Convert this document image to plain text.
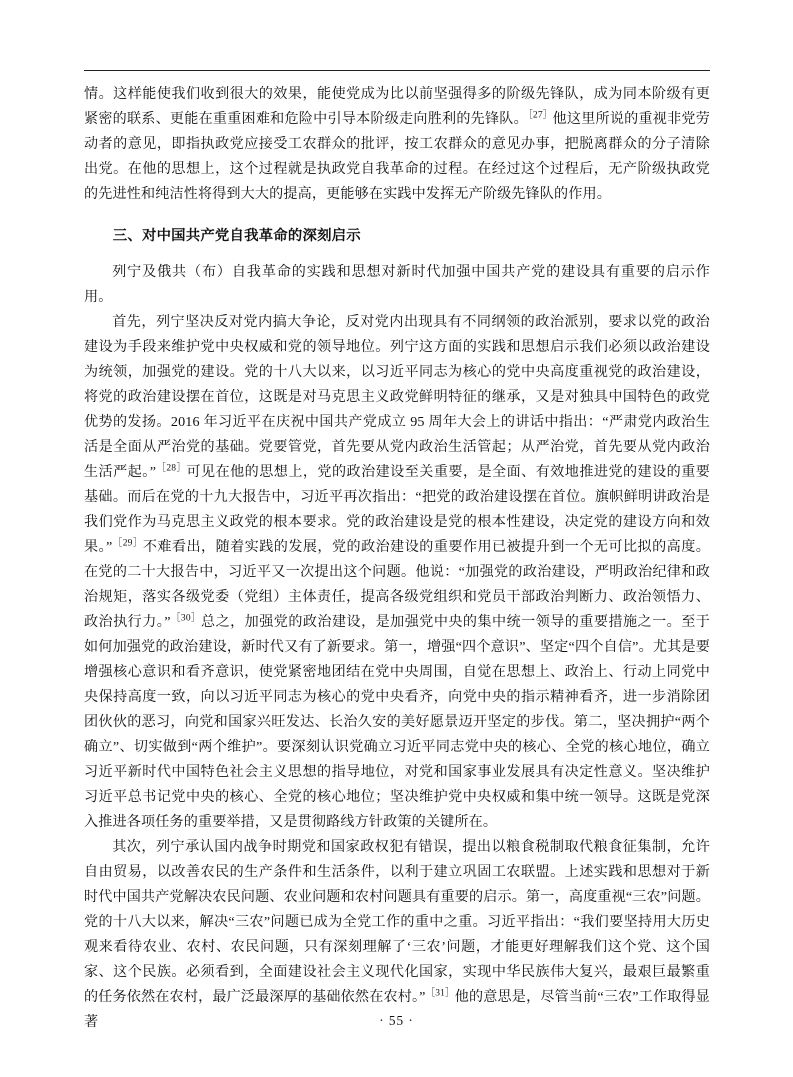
情。这样能使我们收到很大的效果，能使党成为比以前坚强得多的阶级先锋队，成为同本阶级有更紧密的联系、更能在重重困难和危险中引导本阶级走向胜利的先锋队。$^{[27]}$他这里所说的重视非党劳动者的意见，即指执政党应接受工农群众的批评，按工农群众的意见办事，把脱离群众的分子清除出党。在他的思想上，这个过程就是执政党自我革命的过程。在经过这个过程后，无产阶级执政党的先进性和纯洁性将得到大大的提高，更能够在实践中发挥无产阶级先锋队的作用。

三、对中国共产党自我革命的深刻启示

列宁及俄共（布）自我革命的实践和思想对新时代加强中国共产党的建设具有重要的启示作用。

首先，列宁坚决反对党内搞大争论，反对党内出现具有不同纲领的政治派别，要求以党的政治建设为手段来维护党中央权威和党的领导地位。列宁这方面的实践和思想启示我们必须以政治建设为统领，加强党的建设。党的十八大以来，以习近平同志为核心的党中央高度重视党的政治建设，将党的政治建设摆在首位，这既是对马克思主义政党鲜明特征的继承，又是对独具中国特色的政党优势的发扬。2016 年习近平在庆祝中国共产党成立 95 周年大会上的讲话中指出：“严肃党内政治生活是全面从严治党的基础。党要管党，首先要从党内政治生活管起；从严治党，首先要从党内政治生活严起。”$^{[28]}$可见在他的思想上，党的政治建设至关重要，是全面、有效地推进党的建设的重要基础。而后在党的十九大报告中，习近平再次指出：“把党的政治建设摆在首位。旗帜鲜明讲政治是我们党作为马克思主义政党的根本要求。党的政治建设是党的根本性建设，决定党的建设方向和效果。”$^{[29]}$不难看出，随着实践的发展，党的政治建设的重要作用已被提升到一个无可比拟的高度。在党的二十大报告中，习近平又一次提出这个问题。他说：“加强党的政治建设，严明政治纪律和政治规矩，落实各级党委（党组）主体责任，提高各级党组织和党员干部政治判断力、政治领悟力、政治执行力。”$^{[30]}$总之，加强党的政治建设，是加强党中央的集中统一领导的重要措施之一。至于如何加强党的政治建设，新时代又有了新要求。第一，增强“四个意识”、坚定“四个自信”。尤其是要增强核心意识和看齐意识，使党紧密地团结在党中央周围，自觉在思想上、政治上、行动上同党中央保持高度一致，向以习近平同志为核心的党中央看齐，向党中央的指示精神看齐，进一步消除团团伙伙的恶习，向党和国家兴旺发达、长治久安的美好愿景迈开坚定的步伐。第二，坚决拥护“两个确立”、切实做到“两个维护”。要深刻认识党确立习近平同志党中央的核心、全党的核心地位，确立习近平新时代中国特色社会主义思想的指导地位，对党和国家事业发展具有决定性意义。坚决维护习近平总书记党中央的核心、全党的核心地位；坚决维护党中央权威和集中统一领导。这既是党深入推进各项任务的重要举措，又是贯彻路线方针政策的关键所在。

其次，列宁承认国内战争时期党和国家政权犯有错误，提出以粮食税制取代粮食征集制，允许自由贸易，以改善农民的生产条件和生活条件，以利于建立巩固工农联盟。上述实践和思想对于新时代中国共产党解决农民问题、农业问题和农村问题具有重要的启示。第一，高度重视“三农”问题。党的十八大以来，解决“三农”问题已成为全党工作的重中之重。习近平指出：“我们要坚持用大历史观来看待农业、农村、农民问题，只有深刻理解了‘三农’问题，才能更好理解我们这个党、这个国家、这个民族。必须看到，全面建设社会主义现代化国家，实现中华民族伟大复兴，最艰巨最繁重的任务依然在农村，最广泛最深厚的基础依然在农村。”$^{[31]}$他的意思是，尽管当前“三农”工作取得显著	· 55 ·
